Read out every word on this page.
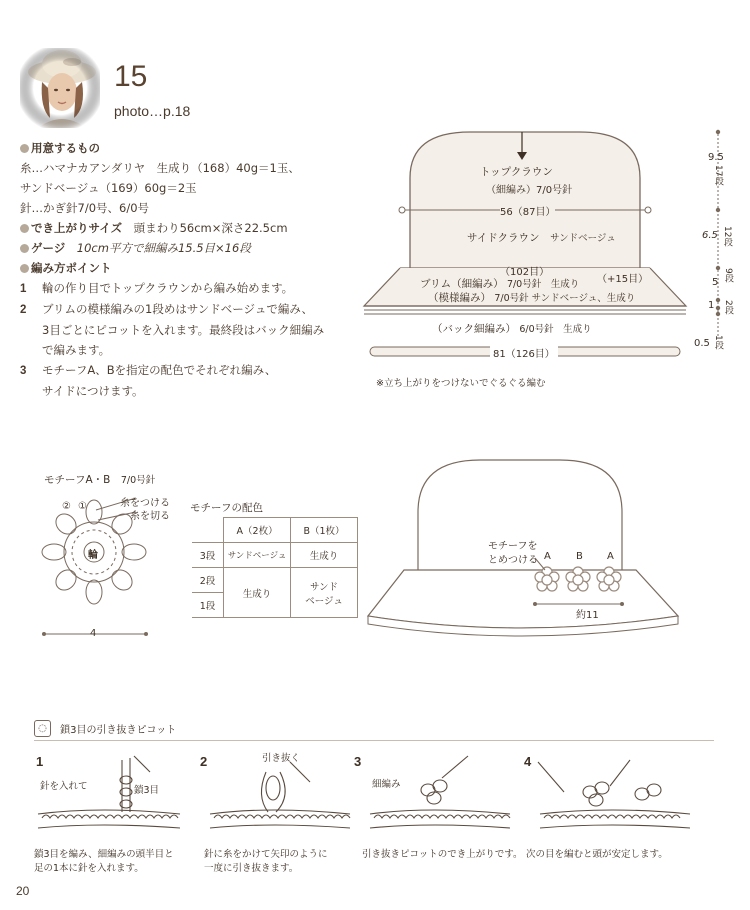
15
photo…p.18
用意するもの
糸…ハマナカアンダリヤ　生成り（168）40g＝1玉、
サンドベージュ（169）60g＝2玉
針…かぎ針7/0号、6/0号
でき上がりサイズ　 頭まわり56cm×深さ22.5cm
ゲージ　 10cm平方で細編み15.5目×16段
編み方ポイント
1 輪の作り目でトップクラウンから編み始めます。
2 ブリムの模様編みの1段めはサンドベージュで編み、
3目ごとにピコットを入れます。最終段はバック細編み
で編みます。
3 モチーフA、Bを指定の配色でそれぞれ編み、
サイドにつけます。
トップクラウン
（細編み）7/0号針
56（87目）
サイドクラウン　 サンドベージュ
（102目）
ブリム（細編み） 7/0号針　生成り （+15目）
（模様編み） 7/0号針 サンドベージュ、生成り
（バック細編み） 6/0号針　生成り
81（126目）
※立ち上がりをつけないでぐるぐる編む
9.5
17段
6.5 12段
5 9段
1 2段
0.5 1段
モチーフA・B　 7/0号針
輪
② ①	糸をつける
糸を切る
4
モチーフの配色
	A（2枚）	B（1枚）
3段	サンドベージュ	生成り
2段	生成り	サンド
ベージュ
1段		
モチーフを
とめつける A	B A
約11
◌ 鎖3目の引き抜きピコット
1	2	3	4
針を入れて	鎖3目
引き抜く
細編み
鎖3目を編み、細編みの頭半目と
足の1本に針を入れます。
針に糸をかけて矢印のように
一度に引き抜きます。
引き抜きピコットのでき上がりです。 次の目を編むと頭が安定します。
20
